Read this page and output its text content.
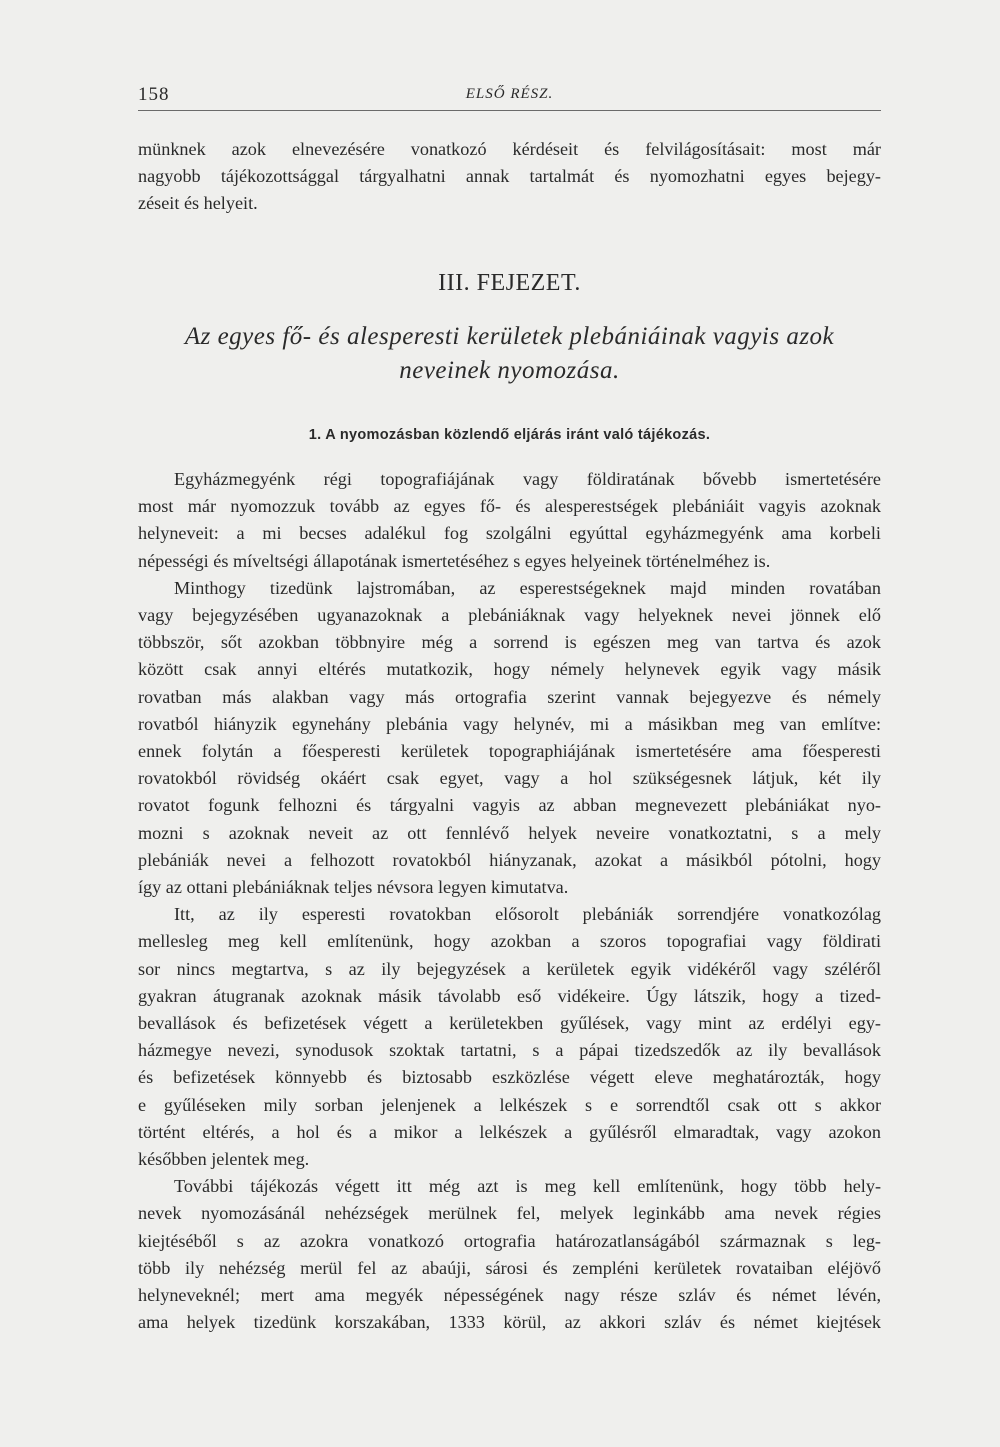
158	ELSŐ RÉSZ.

münknek azok elnevezésére vonatkozó kérdéseit és felvilágosításait: most már

nagyobb tájékozottsággal tárgyalhatni annak tartalmát és nyomozhatni egyes bejegy-

zéseit és helyeit.

III. FEJEZET.
Az egyes fő- és alesperesti kerületek plebániáinak vagyis azok
neveinek nyomozása.
1. A nyomozásban közlendő eljárás iránt való tájékozás.

Egyházmegyénk régi topografiájának vagy földiratának bővebb ismertetésére

most már nyomozzuk tovább az egyes fő- és alesperestségek plebániáit vagyis azoknak

helyneveit: a mi becses adalékul fog szolgálni egyúttal egyházmegyénk ama korbeli

népességi és míveltségi állapotának ismertetéséhez s egyes helyeinek történelméhez is.

Minthogy tizedünk lajstromában, az esperestségeknek majd minden rovatában

vagy bejegyzésében ugyanazoknak a plebániáknak vagy helyeknek nevei jönnek elő

többször, sőt azokban többnyire még a sorrend is egészen meg van tartva és azok

között csak annyi eltérés mutatkozik, hogy némely helynevek egyik vagy másik

rovatban más alakban vagy más ortografia szerint vannak bejegyezve és némely

rovatból hiányzik egynehány plebánia vagy helynév, mi a másikban meg van említve:

ennek folytán a főesperesti kerületek topographiájának ismertetésére ama főesperesti

rovatokból rövidség okáért csak egyet, vagy a hol szükségesnek látjuk, két ily

rovatot fogunk felhozni és tárgyalni vagyis az abban megnevezett plebániákat nyo-

mozni s azoknak neveit az ott fennlévő helyek neveire vonatkoztatni, s a mely

plebániák nevei a felhozott rovatokból hiányzanak, azokat a másikból pótolni, hogy

így az ottani plebániáknak teljes névsora legyen kimutatva.

Itt, az ily esperesti rovatokban elősorolt plebániák sorrendjére vonatkozólag

mellesleg meg kell említenünk, hogy azokban a szoros topografiai vagy földirati

sor nincs megtartva, s az ily bejegyzések a kerületek egyik vidékéről vagy széléről

gyakran átugranak azoknak másik távolabb eső vidékeire. Úgy látszik, hogy a tized-

bevallások és befizetések végett a kerületekben gyűlések, vagy mint az erdélyi egy-

házmegye nevezi, synodusok szoktak tartatni, s a pápai tizedszedők az ily bevallások

és befizetések könnyebb és biztosabb eszközlése végett eleve meghatározták, hogy

e gyűléseken mily sorban jelenjenek a lelkészek s e sorrendtől csak ott s akkor

történt eltérés, a hol és a mikor a lelkészek a gyűlésről elmaradtak, vagy azokon

későbben jelentek meg.

További tájékozás végett itt még azt is meg kell említenünk, hogy több hely-

nevek nyomozásánál nehézségek merülnek fel, melyek leginkább ama nevek régies

kiejtéséből s az azokra vonatkozó ortografia határozatlanságából származnak s leg-

több ily nehézség merül fel az abaúji, sárosi és zempléni kerületek rovataiban eléjövő

helyneveknél; mert ama megyék népességének nagy része szláv és német lévén,

ama helyek tizedünk korszakában, 1333 körül, az akkori szláv és német kiejtések
